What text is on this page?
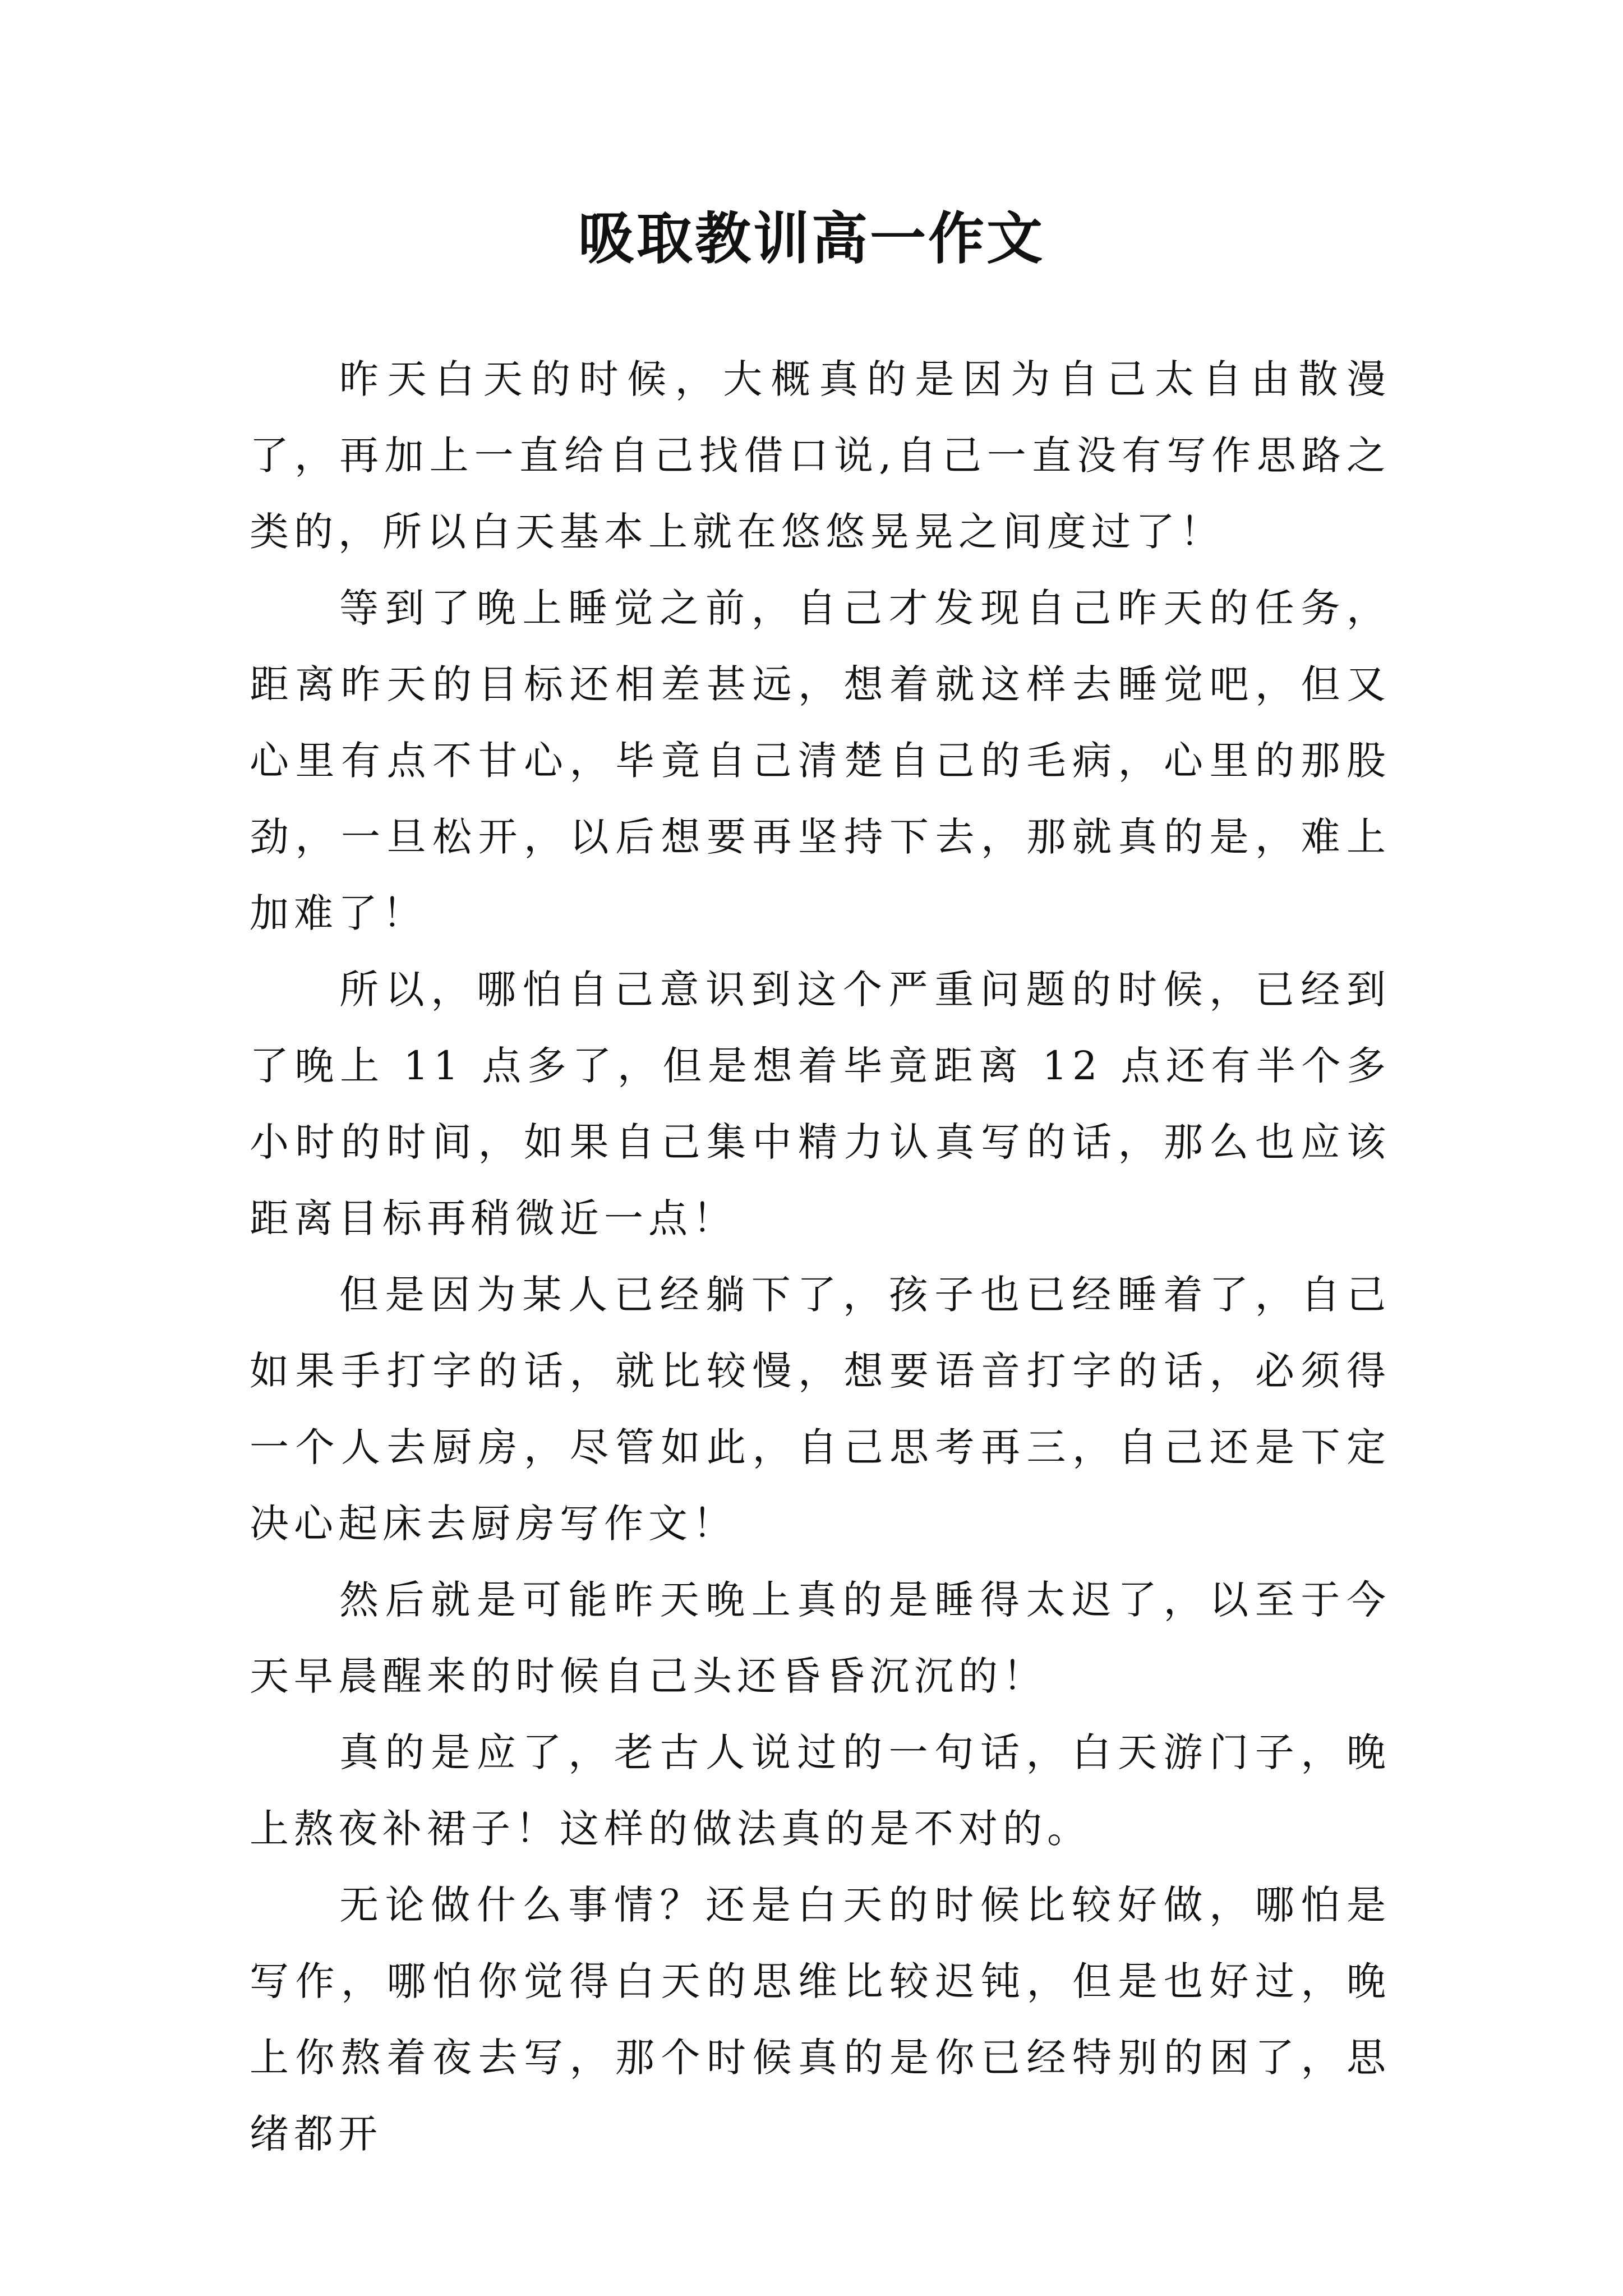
吸取教训高一作文

昨天白天的时候，大概真的是因为自己太自由散漫了，再加上一直给自己找借口说,自己一直没有写作思路之类的，所以白天基本上就在悠悠晃晃之间度过了！

等到了晚上睡觉之前，自己才发现自己昨天的任务，距离昨天的目标还相差甚远，想着就这样去睡觉吧，但又心里有点不甘心，毕竟自己清楚自己的毛病，心里的那股劲，一旦松开，以后想要再坚持下去，那就真的是，难上加难了！

所以，哪怕自己意识到这个严重问题的时候，已经到了晚上 11 点多了，但是想着毕竟距离 12 点还有半个多小时的时间，如果自己集中精力认真写的话，那么也应该距离目标再稍微近一点！

但是因为某人已经躺下了，孩子也已经睡着了，自己如果手打字的话，就比较慢，想要语音打字的话，必须得一个人去厨房，尽管如此，自己思考再三，自己还是下定决心起床去厨房写作文！

然后就是可能昨天晚上真的是睡得太迟了，以至于今天早晨醒来的时候自己头还昏昏沉沉的！

真的是应了，老古人说过的一句话，白天游门子，晚上熬夜补裙子！这样的做法真的是不对的。

无论做什么事情？还是白天的时候比较好做，哪怕是写作，哪怕你觉得白天的思维比较迟钝，但是也好过，晚上你熬着夜去写，那个时候真的是你已经特别的困了，思绪都开
